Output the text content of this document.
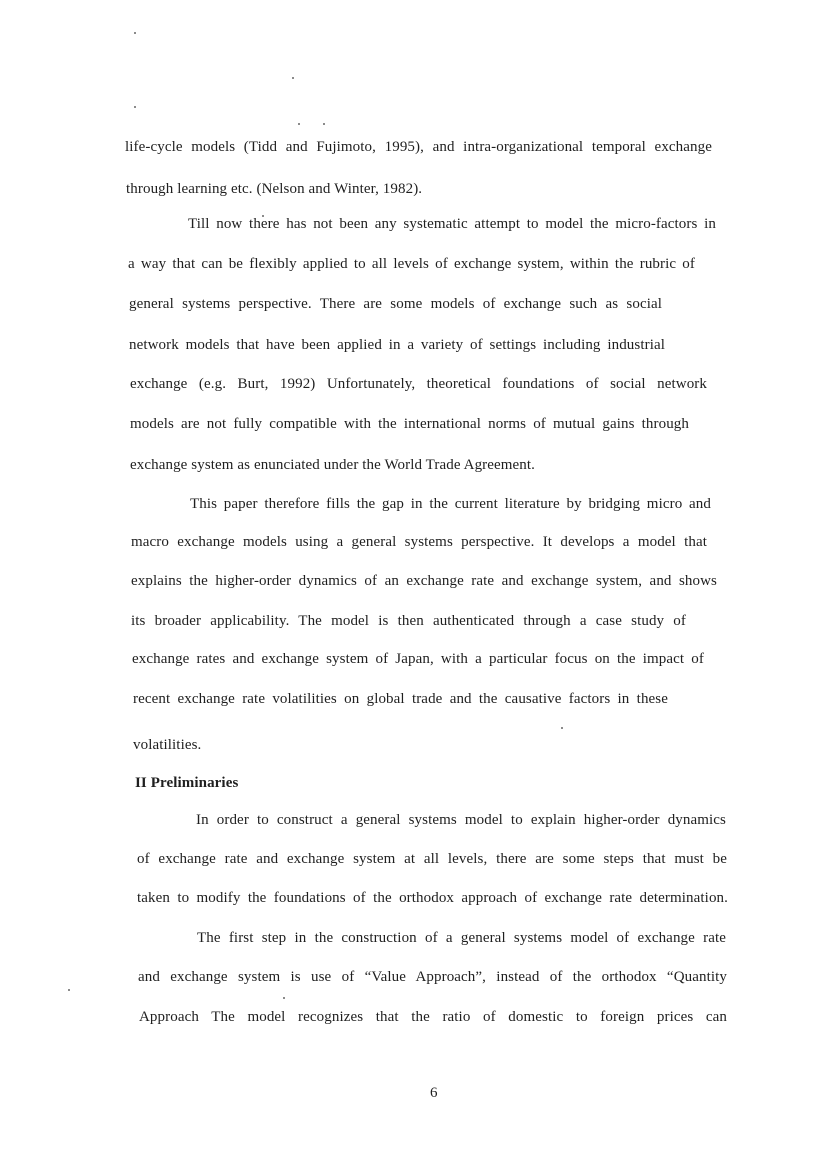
life-cycle models (Tidd and Fujimoto, 1995), and intra-organizational temporal exchange
through learning etc. (Nelson and Winter, 1982).
Till now there has not been any systematic attempt to model the micro-factors in
a way that can be flexibly applied to all levels of exchange system, within the rubric of
general systems perspective. There are some models of exchange such as social
network models that have been applied in a variety of settings including industrial
exchange (e.g. Burt, 1992) Unfortunately, theoretical foundations of social network
models are not fully compatible with the international norms of mutual gains through
exchange system as enunciated under the World Trade Agreement.
This paper therefore fills the gap in the current literature by bridging micro and
macro exchange models using a general systems perspective. It develops a model that
explains the higher-order dynamics of an exchange rate and exchange system, and shows
its broader applicability. The model is then authenticated through a case study of
exchange rates and exchange system of Japan, with a particular focus on the impact of
recent exchange rate volatilities on global trade and the causative factors in these
volatilities.
II Preliminaries
In order to construct a general systems model to explain higher-order dynamics
of exchange rate and exchange system at all levels, there are some steps that must be
taken to modify the foundations of the orthodox approach of exchange rate determination.
The first step in the construction of a general systems model of exchange rate
and exchange system is use of “Value Approach”, instead of the orthodox “Quantity
Approach The model recognizes that the ratio of domestic to foreign prices can
6
